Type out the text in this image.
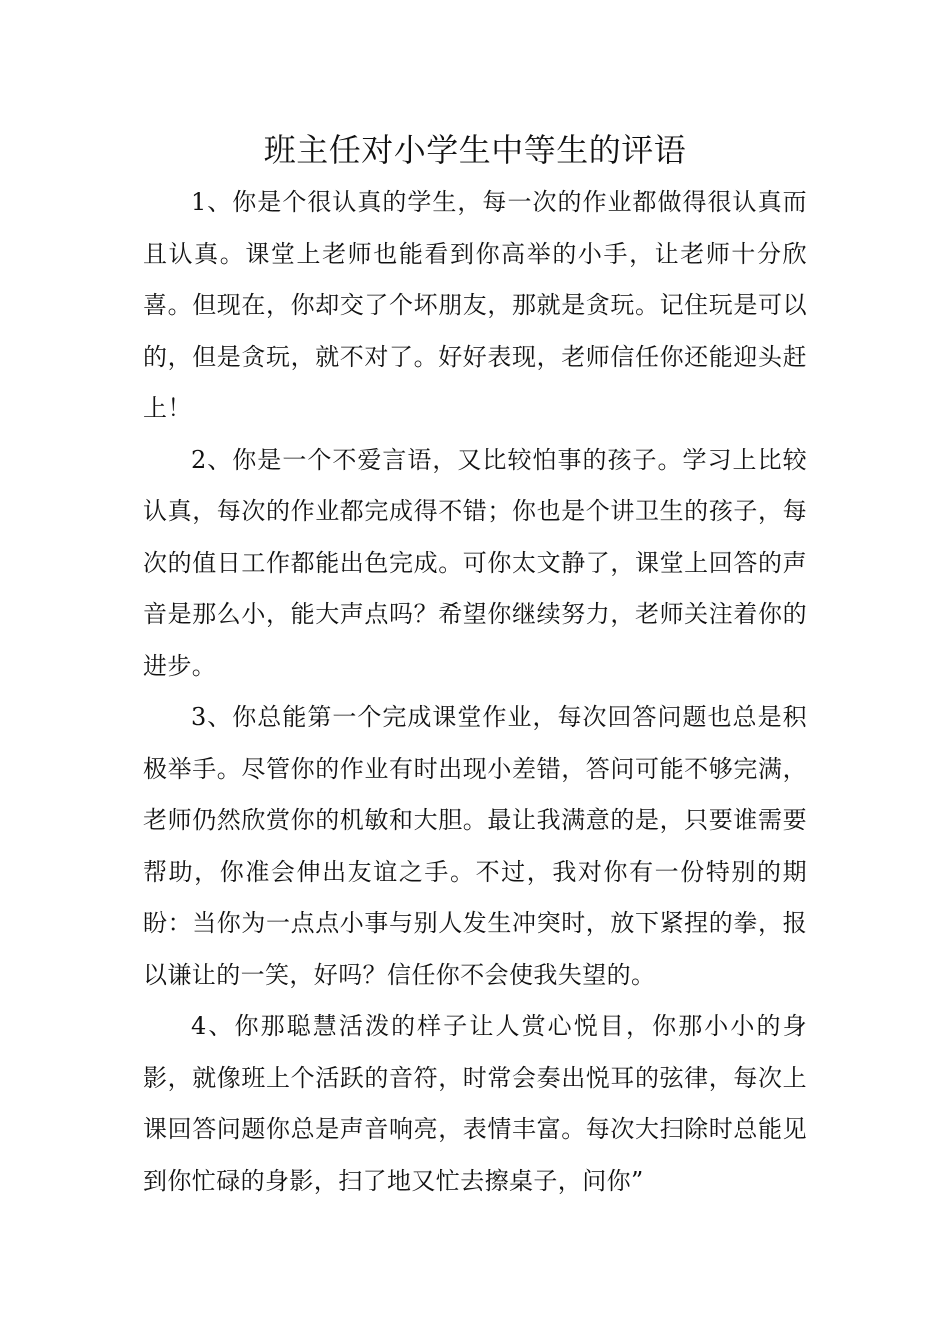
班主任对小学生中等生的评语

1、你是个很认真的学生，每一次的作业都做得很认真而且认真。课堂上老师也能看到你高举的小手，让老师十分欣喜。但现在，你却交了个坏朋友，那就是贪玩。记住玩是可以的，但是贪玩，就不对了。好好表现，老师信任你还能迎头赶上！

2、你是一个不爱言语，又比较怕事的孩子。学习上比较认真，每次的作业都完成得不错；你也是个讲卫生的孩子，每次的值日工作都能出色完成。可你太文静了，课堂上回答的声音是那么小，能大声点吗？希望你继续努力，老师关注着你的进步。

3、你总能第一个完成课堂作业，每次回答问题也总是积极举手。尽管你的作业有时出现小差错，答问可能不够完满，老师仍然欣赏你的机敏和大胆。最让我满意的是，只要谁需要帮助，你准会伸出友谊之手。不过，我对你有一份特别的期盼：当你为一点点小事与别人发生冲突时，放下紧捏的拳，报以谦让的一笑，好吗？信任你不会使我失望的。

4、你那聪慧活泼的样子让人赏心悦目，你那小小的身影，就像班上个活跃的音符，时常会奏出悦耳的弦律，每次上课回答问题你总是声音响亮，表情丰富。每次大扫除时总能见到你忙碌的身影，扫了地又忙去擦桌子，问你”
